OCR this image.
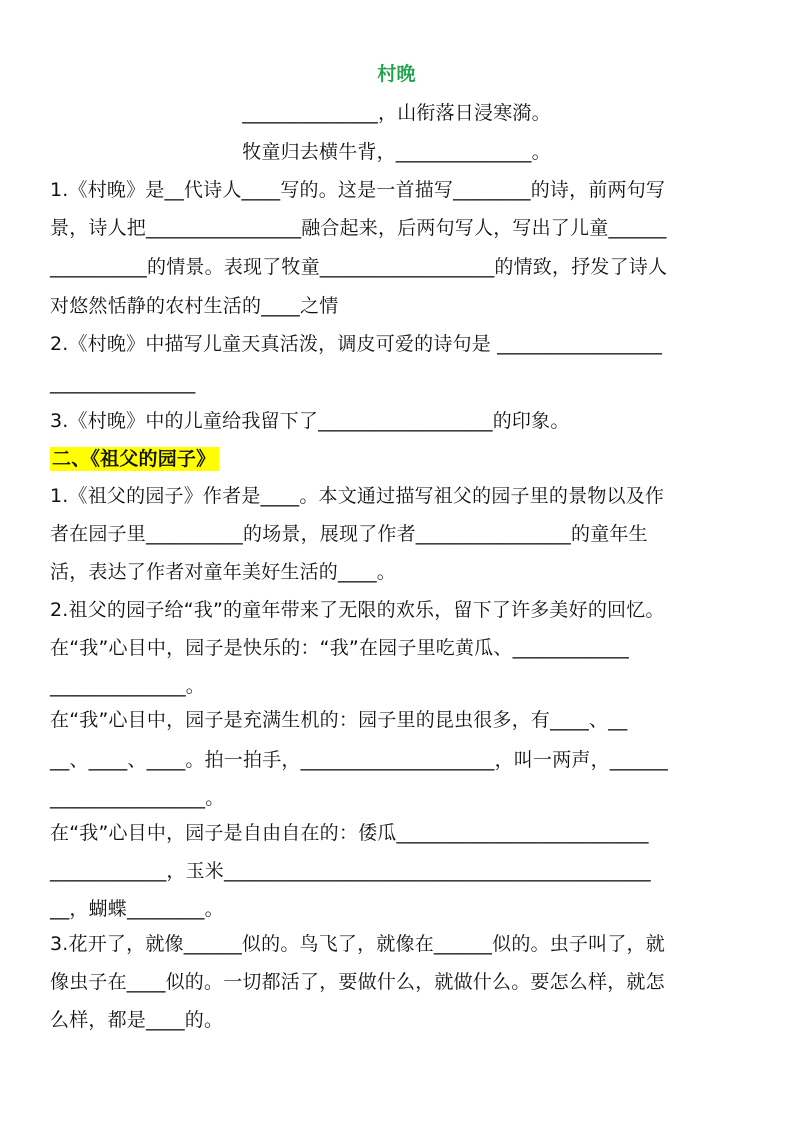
村晚

______________，山衔落日浸寒漪。

牧童归去横牛背，______________。

1.《村晚》是__代诗人____写的。这是一首描写________的诗，前两句写

景，诗人把________________融合起来，后两句写人，写出了儿童______

__________的情景。表现了牧童__________________的情致，抒发了诗人

对悠然恬静的农村生活的____之情

2.《村晚》中描写儿童天真活泼，调皮可爱的诗句是 _________________

_______________

3.《村晚》中的儿童给我留下了__________________的印象。

二、《祖父的园子》

1.《祖父的园子》作者是____。本文通过描写祖父的园子里的景物以及作

者在园子里__________的场景，展现了作者________________的童年生

活，表达了作者对童年美好生活的____。

2.祖父的园子给“我”的童年带来了无限的欢乐，留下了许多美好的回忆。

在“我”心目中，园子是快乐的：“我”在园子里吃黄瓜、____________

______________。

在“我”心目中，园子是充满生机的：园子里的昆虫很多，有____、__

__、____、____。拍一拍手，____________________，叫一两声，______

________________。

在“我”心目中，园子是自由自在的：倭瓜__________________________

____________，玉米____________________________________________

__，蝴蝶________。

3.花开了，就像______似的。鸟飞了，就像在______似的。虫子叫了，就

像虫子在____似的。一切都活了，要做什么，就做什么。要怎么样，就怎

么样，都是____的。
